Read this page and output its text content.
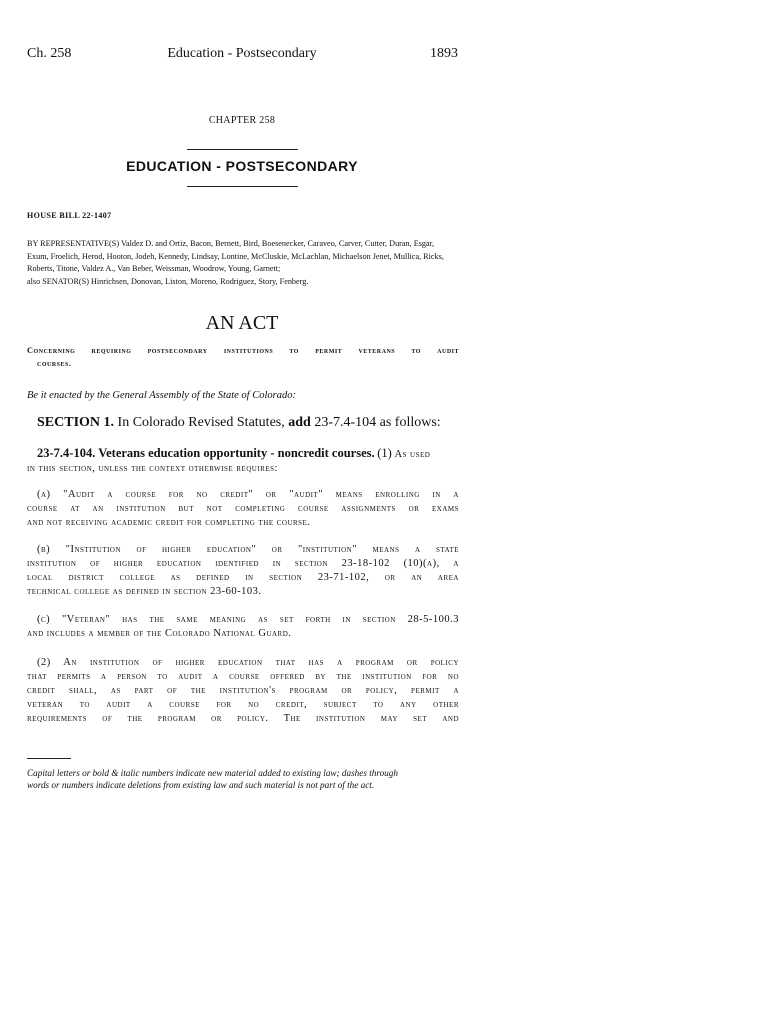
Ch. 258	Education - Postsecondary	1893
CHAPTER 258
EDUCATION - POSTSECONDARY
HOUSE BILL 22-1407
BY REPRESENTATIVE(S) Valdez D. and Ortiz, Bacon, Bernett, Bird, Boesenecker, Caraveo, Carver, Cutter, Duran, Esgar,
Exum, Froelich, Herod, Hooton, Jodeh, Kennedy, Lindsay, Lontine, McCluskie, McLachlan, Michaelson Jenet, Mullica, Ricks,
Roberts, Titone, Valdez A., Van Beber, Weissman, Woodrow, Young, Garnett;
also SENATOR(S) Hinrichsen, Donovan, Liston, Moreno, Rodriguez, Story, Fenberg.
AN ACT
Concerning requiring postsecondary institutions to permit veterans to audit
courses.
Be it enacted by the General Assembly of the State of Colorado:
SECTION 1. In Colorado Revised Statutes, add 23-7.4-104 as follows:
23-7.4-104. Veterans education opportunity - noncredit courses. (1) As used
in this section, unless the context otherwise requires:
(a) "Audit a course for no credit" or "audit" means enrolling in a
course at an institution but not completing course assignments or exams
and not receiving academic credit for completing the course.
(b) "Institution of higher education" or "institution" means a state
institution of higher education identified in section 23-18-102 (10)(a), a
local district college as defined in section 23-71-102, or an area
technical college as defined in section 23-60-103.
(c) "Veteran" has the same meaning as set forth in section 28-5-100.3
and includes a member of the Colorado National Guard.
(2) An institution of higher education that has a program or policy
that permits a person to audit a course offered by the institution for no
credit shall, as part of the institution's program or policy, permit a
veteran to audit a course for no credit, subject to any other
requirements of the program or policy. The institution may set and
Capital letters or bold & italic numbers indicate new material added to existing law; dashes through
words or numbers indicate deletions from existing law and such material is not part of the act.
